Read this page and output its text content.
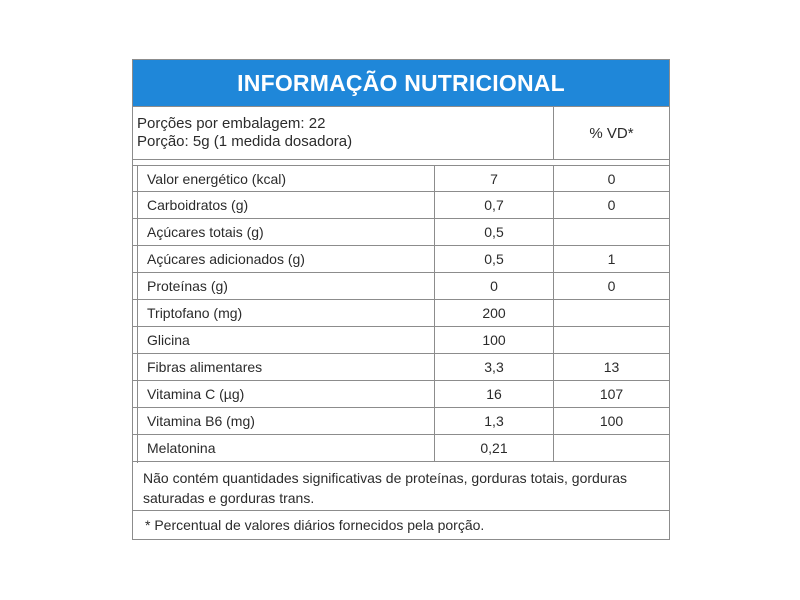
INFORMAÇÃO NUTRICIONAL
Porções por embalagem: 22
Porção: 5g (1 medida dosadora)	% VD*
Valor energético (kcal)	7	0
Carboidratos (g)	0,7	0
Açúcares totais (g)	0,5
Açúcares adicionados (g)	0,5	1
Proteínas (g)	0	0
Triptofano (mg)	200
Glicina	100
Fibras alimentares	3,3	13
Vitamina C (µg)	16	107
Vitamina B6 (mg)	1,3	100
Melatonina	0,21
Não contém quantidades significativas de proteínas, gorduras totais, gorduras saturadas e gorduras trans.
* Percentual de valores diários fornecidos pela porção.
